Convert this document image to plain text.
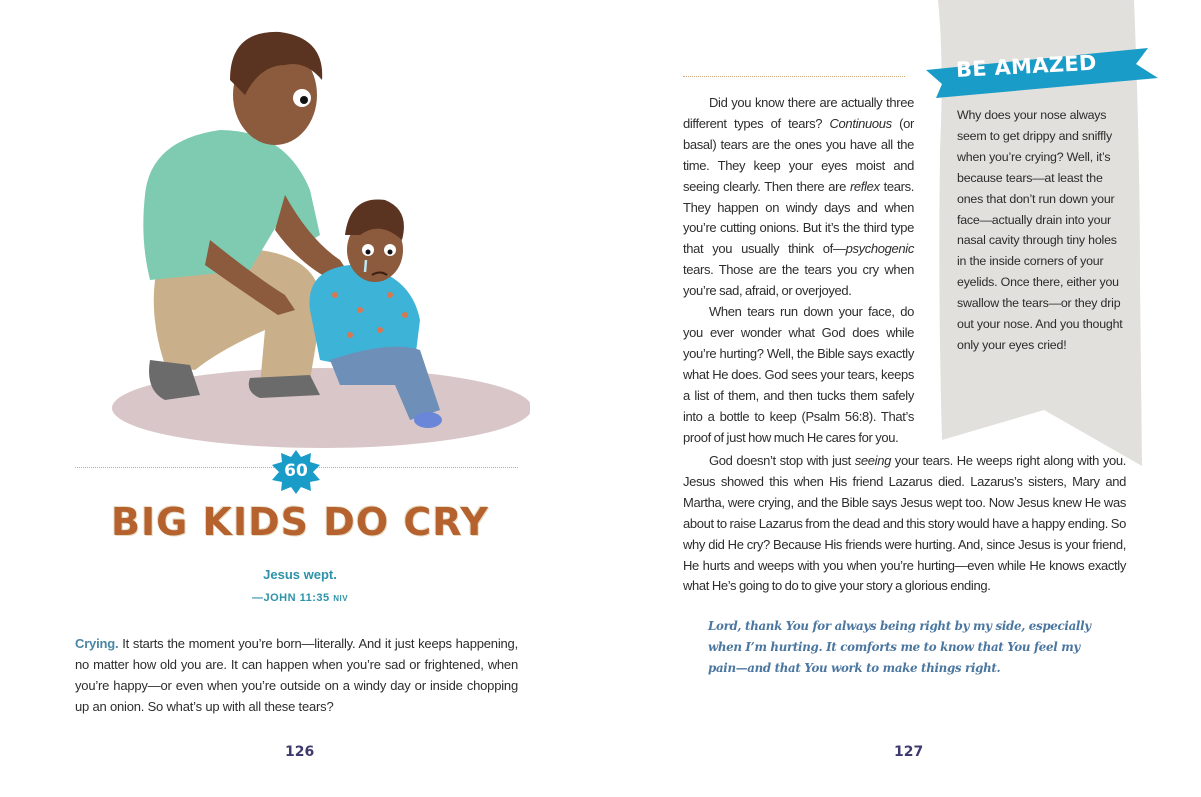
60
BIG KIDS DO CRY
Jesus wept.
—JOHN 11:35 NIV
Crying. It starts the moment you’re born—literally. And it just keeps happening, no matter how old you are. It can happen when you’re sad or frightened, when you’re happy—or even when you’re outside on a windy day or inside chopping up an onion. So what’s up with all these tears?
126

Did you know there are actually three different types of tears? Continuous (or basal) tears are the ones you have all the time. They keep your eyes moist and seeing clearly. Then there are reflex tears. They happen on windy days and when you’re cutting onions. But it’s the third type that you usually think of—psychogenic tears. Those are the tears you cry when you’re sad, afraid, or overjoyed.

When tears run down your face, do you ever wonder what God does while you’re hurting? Well, the Bible says exactly what He does. God sees your tears, keeps a list of them, and then tucks them safely into a bottle to keep (Psalm 56:8). That’s proof of just how much He cares for you.

God doesn’t stop with just seeing your tears. He weeps right along with you. Jesus showed this when His friend Lazarus died. Lazarus’s sisters, Mary and Martha, were crying, and the Bible says Jesus wept too. Now Jesus knew He was about to raise Lazarus from the dead and this story would have a happy ending. So why did He cry? Because His friends were hurting. And, since Jesus is your friend, He hurts and weeps with you when you’re hurting—even while He knows exactly what He’s going to do to give your story a glorious ending.

BE AMAZED
Why does your nose always seem to get drippy and sniffly when you’re crying? Well, it’s because tears—at least the ones that don’t run down your face—actually drain into your nasal cavity through tiny holes in the inside corners of your eyelids. Once there, either you swallow the tears—or they drip out your nose. And you thought only your eyes cried!
Lord, thank You for always being right by my side, especially when I’m hurting. It comforts me to know that You feel my pain—and that You work to make things right.
127
